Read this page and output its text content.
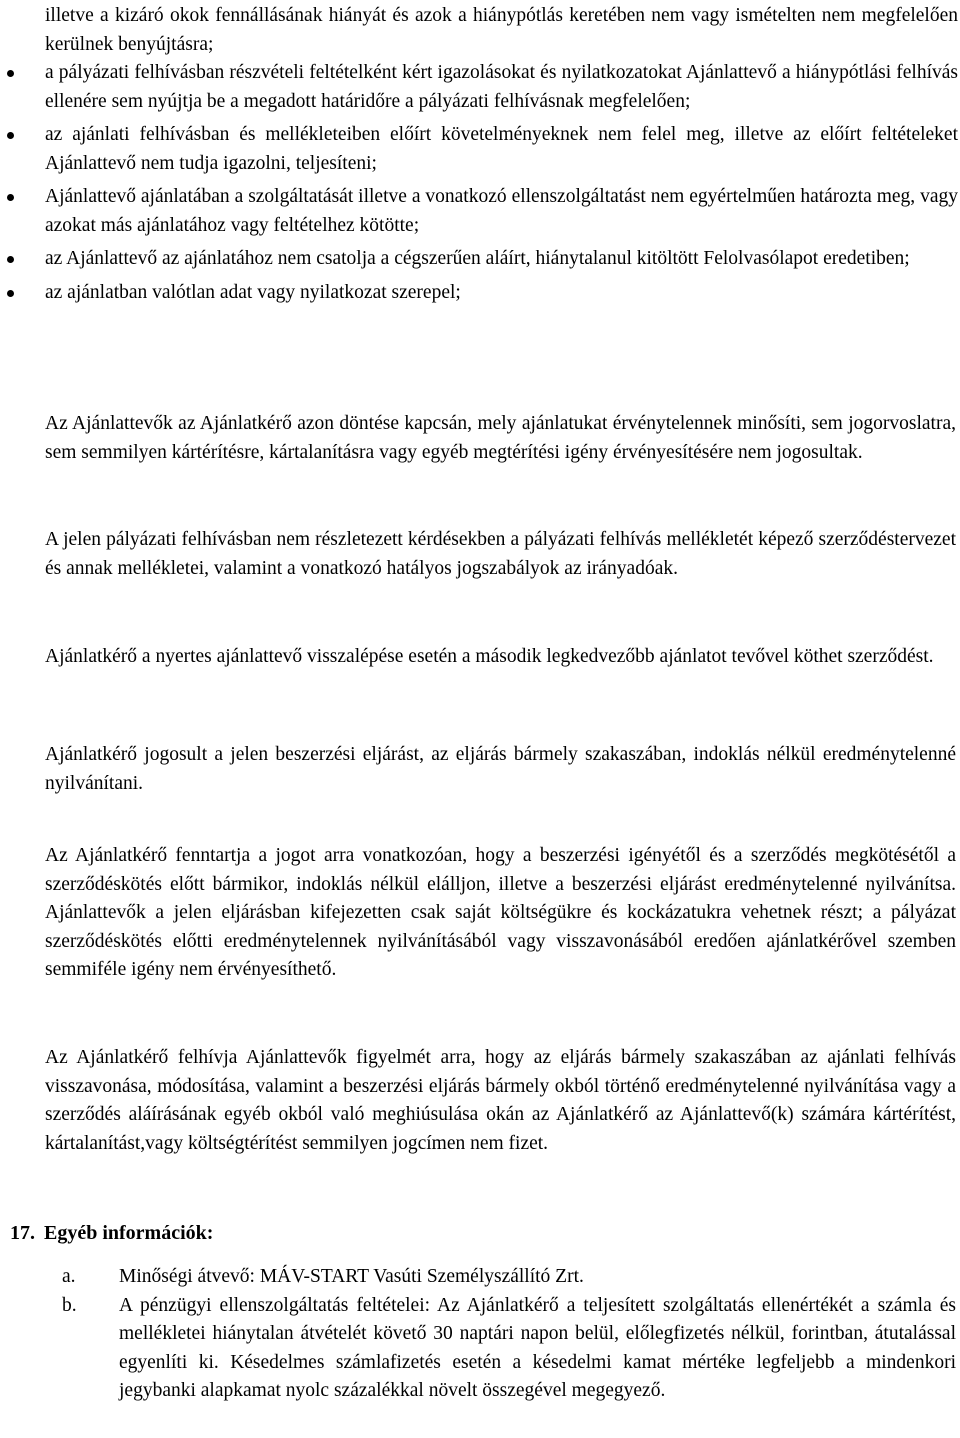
illetve a kizáró okok fennállásának hiányát és azok a hiánypótlás keretében nem vagy ismételten nem megfelelően kerülnek benyújtásra;
a pályázati felhívásban részvételi feltételként kért igazolásokat és nyilatkozatokat Ajánlattevő a hiánypótlási felhívás ellenére sem nyújtja be a megadott határidőre a pályázati felhívásnak megfelelően;
az ajánlati felhívásban és mellékleteiben előírt követelményeknek nem felel meg, illetve az előírt feltételeket Ajánlattevő nem tudja igazolni, teljesíteni;
Ajánlattevő ajánlatában a szolgáltatását illetve a vonatkozó ellenszolgáltatást nem egyértelműen határozta meg, vagy azokat más ajánlatához vagy feltételhez kötötte;
az Ajánlattevő az ajánlatához nem csatolja a cégszerűen aláírt, hiánytalanul kitöltött Felolvasólapot eredetiben;
az ajánlatban valótlan adat vagy nyilatkozat szerepel;

Az Ajánlattevők az Ajánlatkérő azon döntése kapcsán, mely ajánlatukat érvénytelennek minősíti, sem jogorvoslatra, sem semmilyen kártérítésre, kártalanításra vagy egyéb megtérítési igény érvényesítésére nem jogosultak.

A jelen pályázati felhívásban nem részletezett kérdésekben a pályázati felhívás mellékletét képező szerződéstervezet és annak mellékletei, valamint a vonatkozó hatályos jogszabályok az irányadóak.

Ajánlatkérő a nyertes ajánlattevő visszalépése esetén a második legkedvezőbb ajánlatot tevővel köthet szerződést.

Ajánlatkérő jogosult a jelen beszerzési eljárást, az eljárás bármely szakaszában, indoklás nélkül eredménytelenné nyilvánítani.

Az Ajánlatkérő fenntartja a jogot arra vonatkozóan, hogy a beszerzési igényétől és a szerződés megkötésétől a szerződéskötés előtt bármikor, indoklás nélkül elálljon, illetve a beszerzési eljárást eredménytelenné nyilvánítsa. Ajánlattevők a jelen eljárásban kifejezetten csak saját költségükre és kockázatukra vehetnek részt; a pályázat szerződéskötés előtti eredménytelennek nyilvánításából vagy visszavonásából eredően ajánlatkérővel szemben semmiféle igény nem érvényesíthető.

Az Ajánlatkérő felhívja Ajánlattevők figyelmét arra, hogy az eljárás bármely szakaszában az ajánlati felhívás visszavonása, módosítása, valamint a beszerzési eljárás bármely okból történő eredménytelenné nyilvánítása vagy a szerződés aláírásának egyéb okból való meghiúsulása okán az Ajánlatkérő az Ajánlattevő(k) számára kártérítést, kártalanítást,vagy költségtérítést semmilyen jogcímen nem fizet.

17. Egyéb információk:
a. Minőségi átvevő: MÁV-START Vasúti Személyszállító Zrt.
b. A pénzügyi ellenszolgáltatás feltételei: Az Ajánlatkérő a teljesített szolgáltatás ellenértékét a számla és mellékletei hiánytalan átvételét követő 30 naptári napon belül, előlegfizetés nélkül, forintban, átutalással egyenlíti ki. Késedelmes számlafizetés esetén a késedelmi kamat mértéke legfeljebb a mindenkori jegybanki alapkamat nyolc százalékkal növelt összegével megegyező.
